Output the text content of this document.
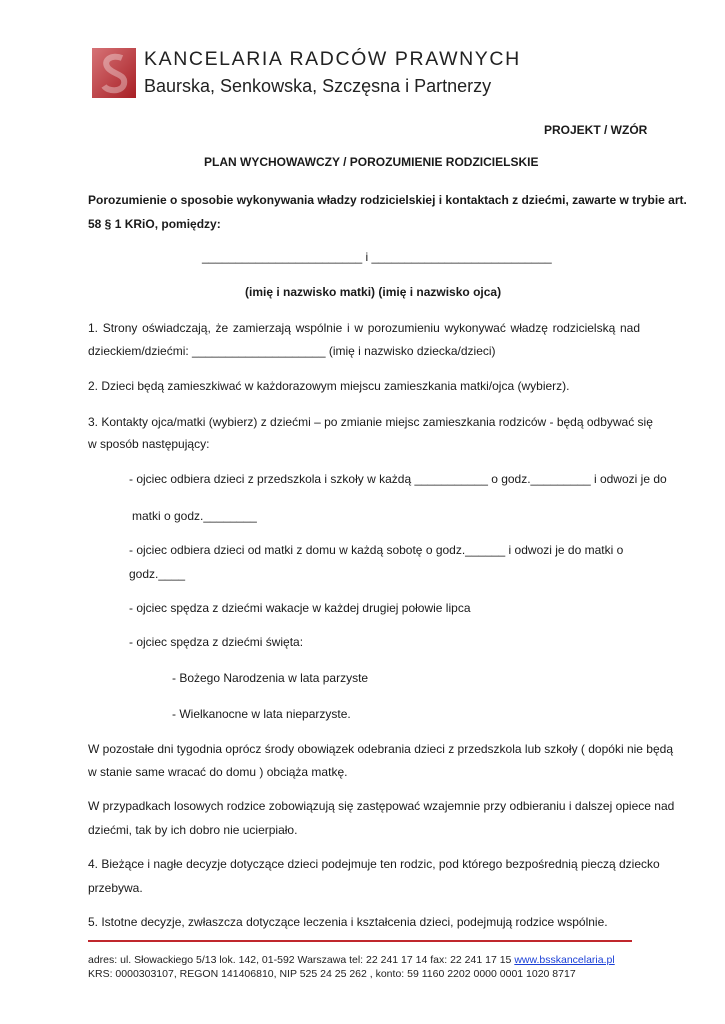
KANCELARIA RADCÓW PRAWNYCH
Baurska, Senkowska, Szczęsna i Partnerzy
PROJEKT / WZÓR
PLAN WYCHOWAWCZY / POROZUMIENIE RODZICIELSKIE
Porozumienie o sposobie wykonywania władzy rodzicielskiej i kontaktach z dziećmi, zawarte w trybie art.
58 § 1 KRiO, pomiędzy:
________________________ i ___________________________
(imię i nazwisko matki) (imię i nazwisko ojca)
1. Strony oświadczają, że zamierzają wspólnie i w porozumieniu wykonywać władzę rodzicielską nad
dzieckiem/dziećmi: ____________________ (imię i nazwisko dziecka/dzieci)
2. Dzieci będą zamieszkiwać w każdorazowym miejscu zamieszkania matki/ojca (wybierz).
3. Kontakty ojca/matki (wybierz) z dziećmi – po zmianie miejsc zamieszkania rodziców - będą odbywać się
w sposób następujący:
- ojciec odbiera dzieci z przedszkola i szkoły w każdą ___________ o godz._________ i odwozi je do
matki o godz.________
- ojciec odbiera dzieci od matki z domu w każdą sobotę o godz.______ i odwozi je do matki o
godz.____
- ojciec spędza z dziećmi wakacje w każdej drugiej połowie lipca
- ojciec spędza z dziećmi święta:
- Bożego Narodzenia w lata parzyste
- Wielkanocne w lata nieparzyste.
W pozostałe dni tygodnia oprócz środy obowiązek odebrania dzieci z przedszkola lub szkoły ( dopóki nie będą
w stanie same wracać do domu ) obciąża matkę.
W przypadkach losowych rodzice zobowiązują się zastępować wzajemnie przy odbieraniu i dalszej opiece nad
dziećmi, tak by ich dobro nie ucierpiało.
4. Bieżące i nagłe decyzje dotyczące dzieci podejmuje ten rodzic, pod którego bezpośrednią pieczą dziecko
przebywa.
5. Istotne decyzje, zwłaszcza dotyczące leczenia i kształcenia dzieci, podejmują rodzice wspólnie.
adres: ul. Słowackiego 5/13 lok. 142, 01-592 Warszawa tel: 22 241 17 14 fax: 22 241 17 15 www.bsskancelaria.pl
KRS: 0000303107, REGON 141406810, NIP 525 24 25 262 , konto: 59 1160 2202 0000 0001 1020 8717
